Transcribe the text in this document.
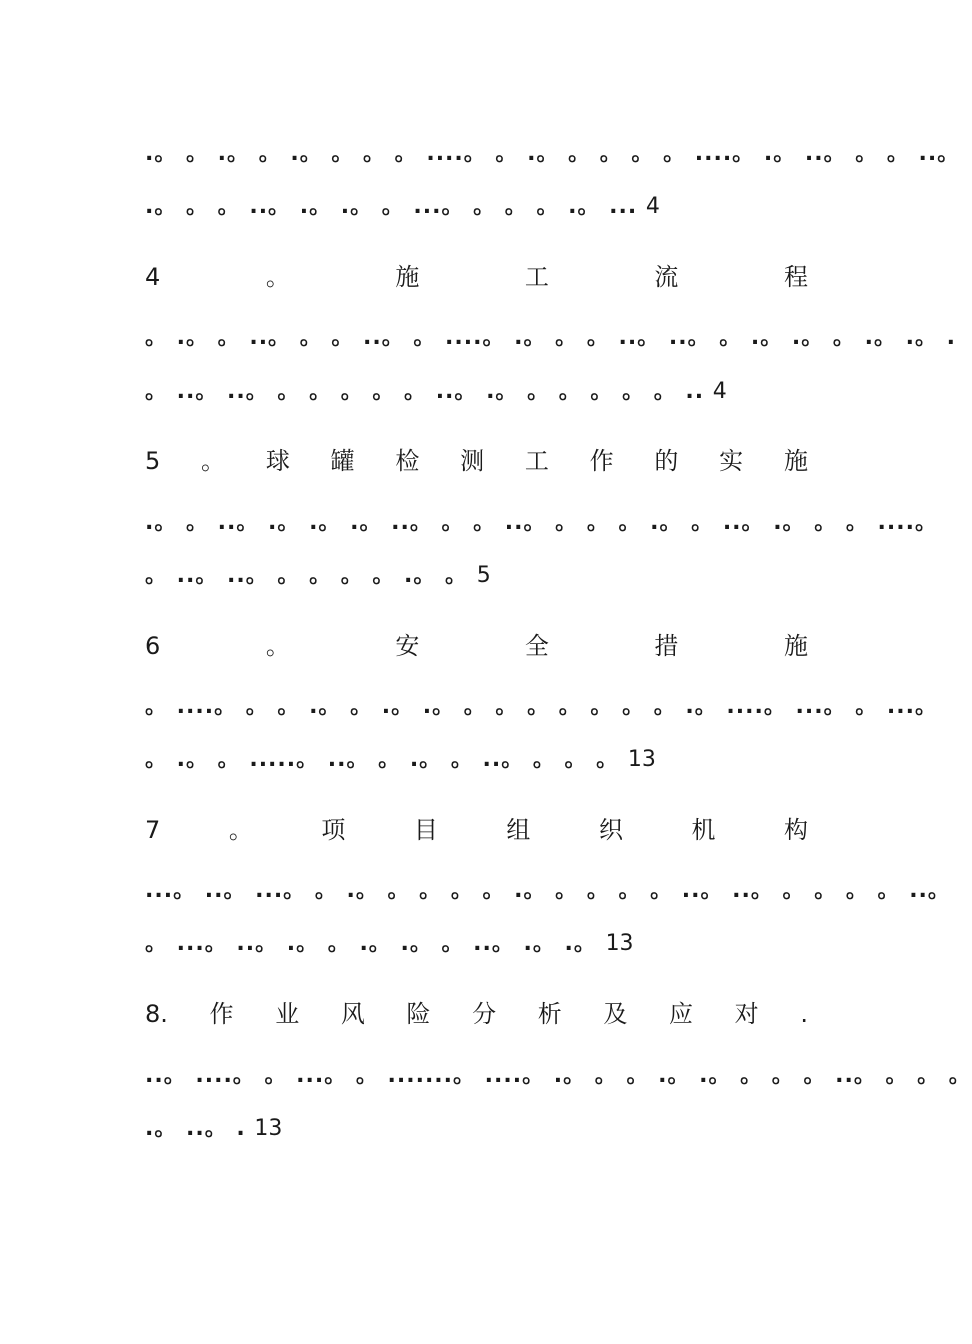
.。 。 .。 。 .。 。 。 。 ....。 。 .。 。 。 。 。 ....。 .。 ..。 。 。 ..。
.。 。 。 ..。 .。 .。 。 ...。 。 。 。 .。 ... 4
4	。	施	工	流	程
。 .。 。 ..。 。 。 ..。 。 ....。 .。 。 。 ..。 ..。 。 .。 .。 。 .。 .。 .
。 ..。 ..。 。 。 。 。 。 ..。 .。 。 。 。 。 。 .. 4
5 。 球 罐 检 测 工 作 的 实 施
.。 。 ..。 .。 .。 .。 ..。 。 。 ..。 。 。 。 .。 。 ..。 .。 。 。 ....。
。 ..。 ..。 。 。 。 。 .。 。 5
6	。	安	全	措	施
。 ....。 。 。 .。 。 .。 .。 。 。 。 。 。 。 。 .。 ....。 ...。 。 ...。
。 .。 。 .....。 ..。 。 .。 。 ..。 。 。 。 13
7	。	项	目	组	织	机	构
...。 ..。 ...。 。 .。 。 。 。 。 .。 。 。 。 。 ..。 ..。 。 。 。 。 ..。
。 ...。 ..。 .。 。 .。 .。 。 ..。 .。 .。 13
8. 作 业 风 险 分 析 及 应 对 .
..。 ....。 。 ...。 。 .......。 ....。 .。 。 。 .。 .。 。 。 。 ..。 。 。 。
.。 ..。 . 13
